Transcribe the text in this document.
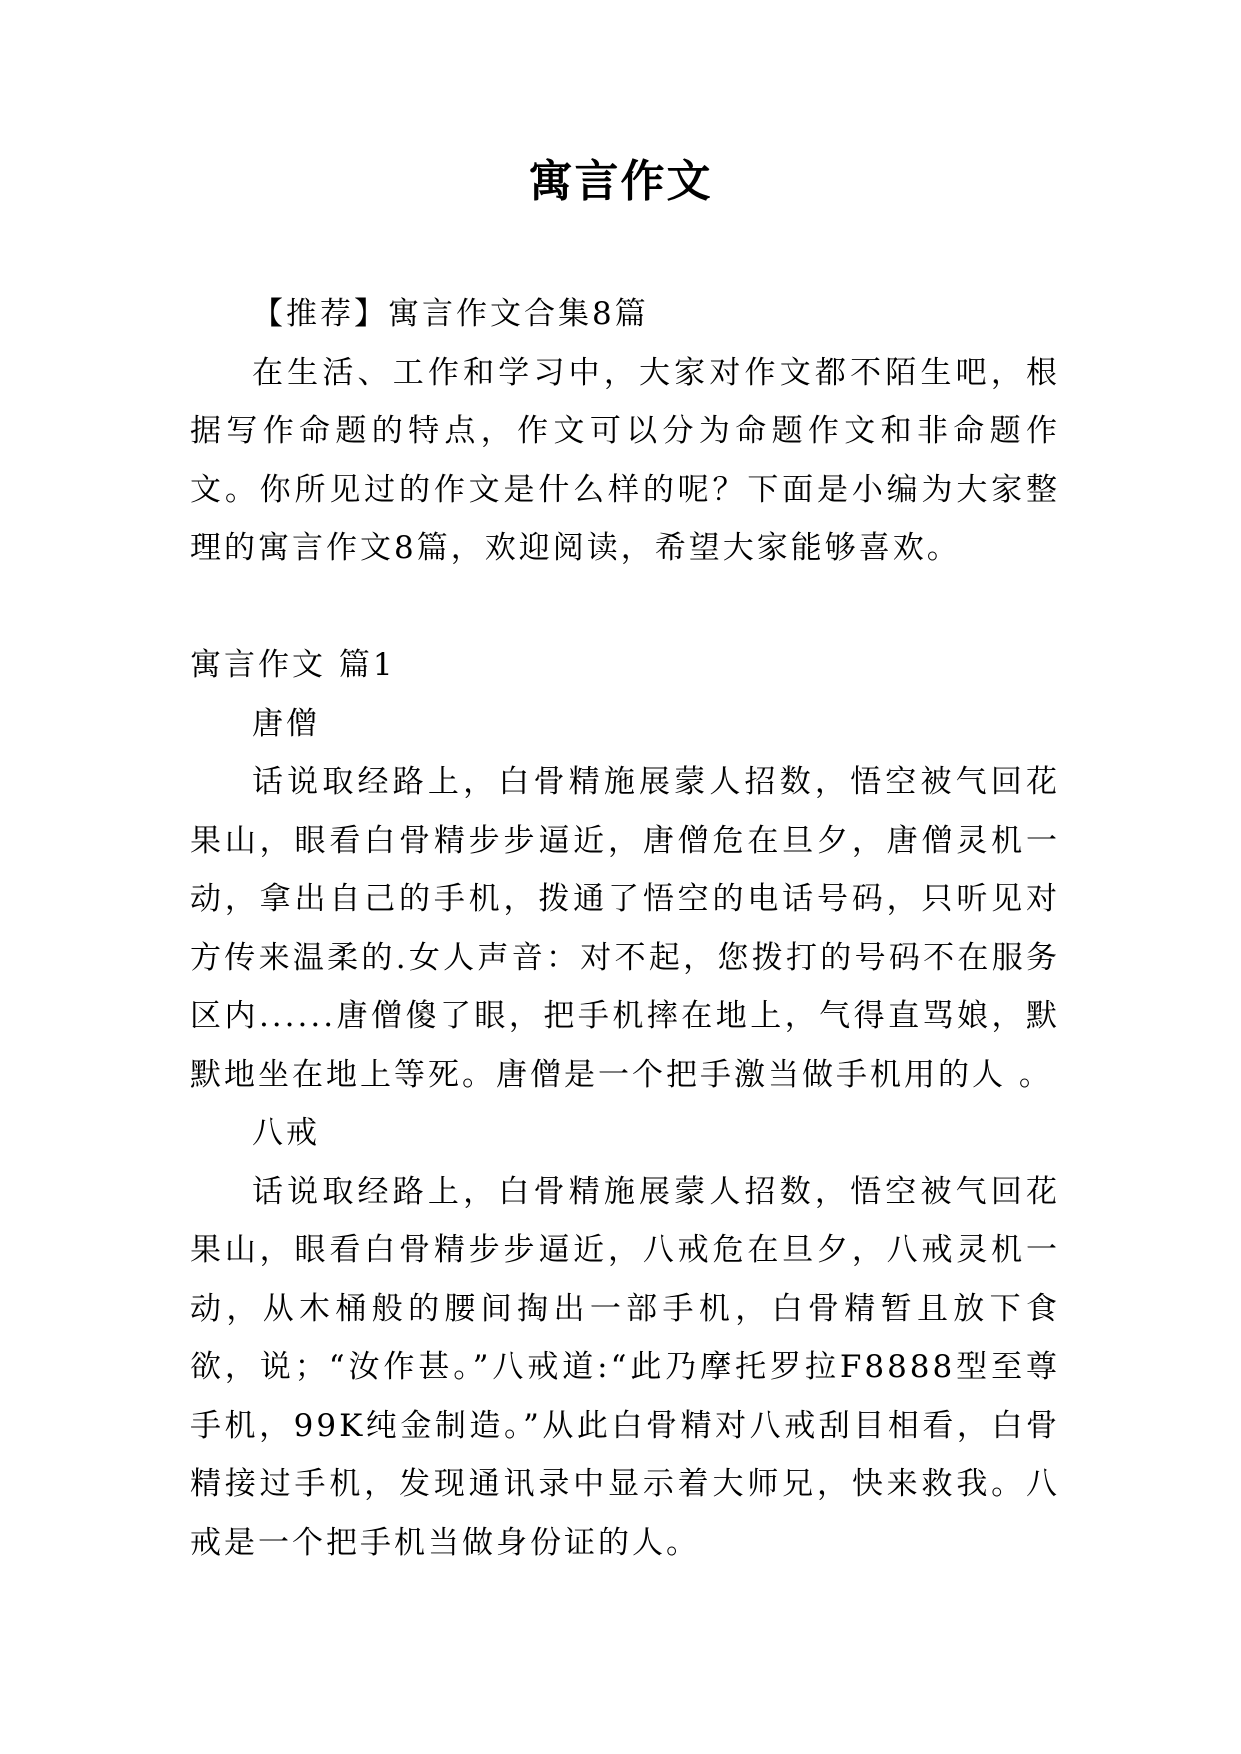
寓言作文

【推荐】寓言作文合集8篇

在生活、工作和学习中，大家对作文都不陌生吧，根据写作命题的特点，作文可以分为命题作文和非命题作文。你所见过的作文是什么样的呢？下面是小编为大家整理的寓言作文8篇，欢迎阅读，希望大家能够喜欢。

寓言作文 篇1

唐僧

话说取经路上，白骨精施展蒙人招数，悟空被气回花果山，眼看白骨精步步逼近，唐僧危在旦夕，唐僧灵机一动，拿出自己的手机，拨通了悟空的电话号码，只听见对方传来温柔的.女人声音：对不起，您拨打的号码不在服务区内......唐僧傻了眼，把手机摔在地上，气得直骂娘，默默地坐在地上等死。唐僧是一个把手激当做手机用的人 。

八戒

话说取经路上，白骨精施展蒙人招数，悟空被气回花果山，眼看白骨精步步逼近，八戒危在旦夕，八戒灵机一动，从木桶般的腰间掏出一部手机，白骨精暂且放下食欲，说；“汝作甚。”八戒道:“此乃摩托罗拉F8888型至尊手机，99K纯金制造。”从此白骨精对八戒刮目相看，白骨精接过手机，发现通讯录中显示着大师兄，快来救我。八戒是一个把手机当做身份证的人。
